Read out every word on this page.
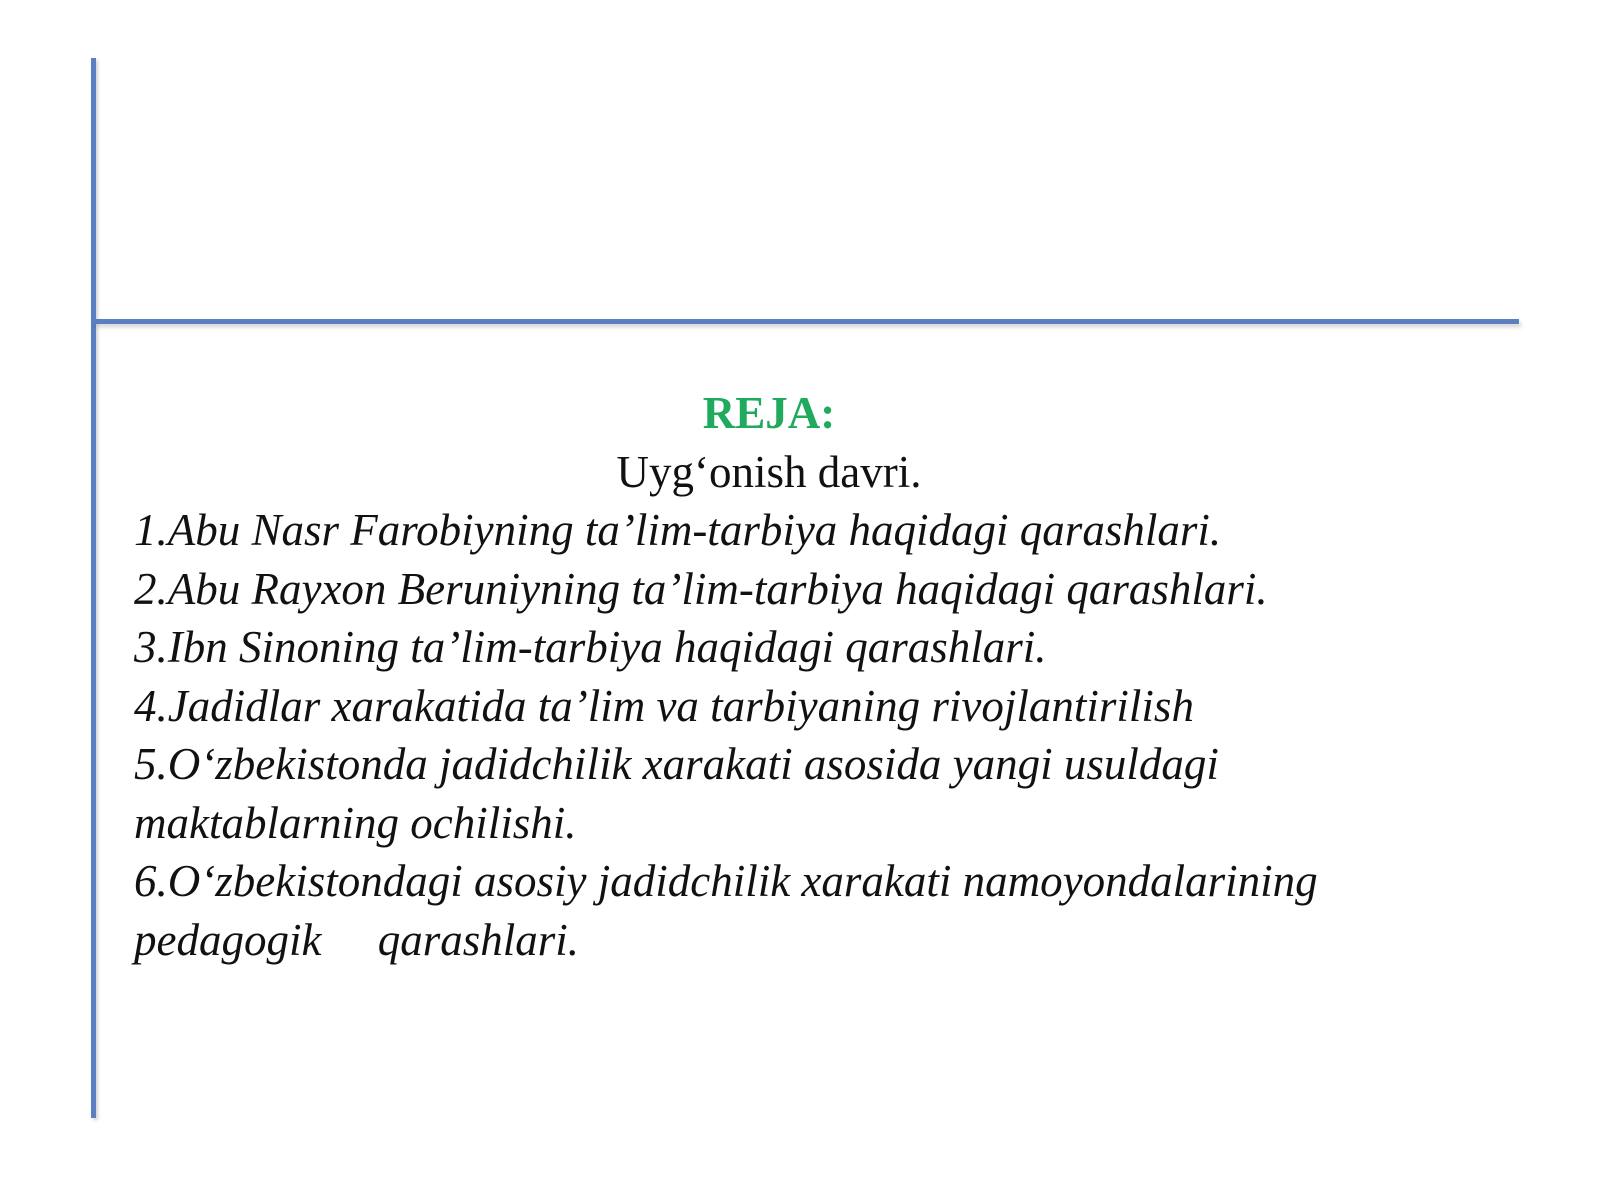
REJA:

Uyg‘onish davri.

1.Abu Nasr Farobiyning ta’lim-tarbiya haqidagi qarashlari.
2.Abu Rayxon Beruniyning ta’lim-tarbiya haqidagi qarashlari.
3.Ibn Sinoning ta’lim-tarbiya haqidagi qarashlari.
4.Jadidlar xarakatida ta’lim va tarbiyaning rivojlantirilish
5.O‘zbekistonda jadidchilik xarakati asosida yangi usuldagi
maktablarning ochilishi.
6.O‘zbekistondagi asosiy jadidchilik xarakati namoyondalarining
pedagogik     qarashlari.
